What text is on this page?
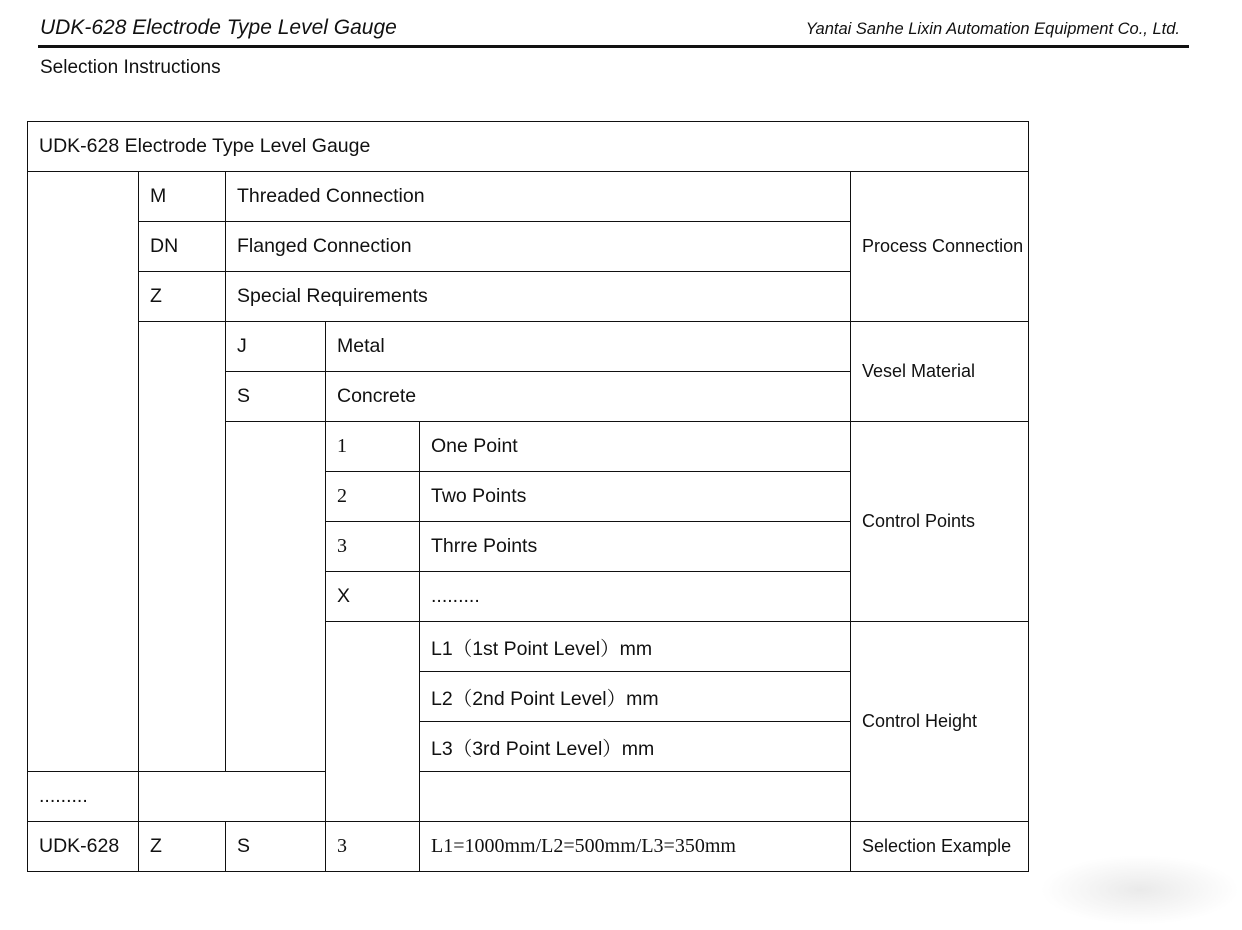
UDK-628 Electrode Type Level Gauge	Yantai Sanhe Lixin Automation Equipment Co., Ltd.
Selection Instructions
UDK-628 Electrode Type Level Gauge					
	M	Threaded Connection			Process Connection
	DN	Flanged Connection			
	Z	Special Requirements			
		J	Metal		Vesel Material
		S	Concrete		
			1	One Point	Control Points
			2	Two Points	
			3	Thrre Points	
			X	.........	
				L1（1st Point Level）mm	Control Height
				L2（2nd Point Level）mm	
				L3（3rd Point Level）mm	
.........					
UDK-628	Z	S	3	L1=1000mm/L2=500mm/L3=350mm	Selection Example
